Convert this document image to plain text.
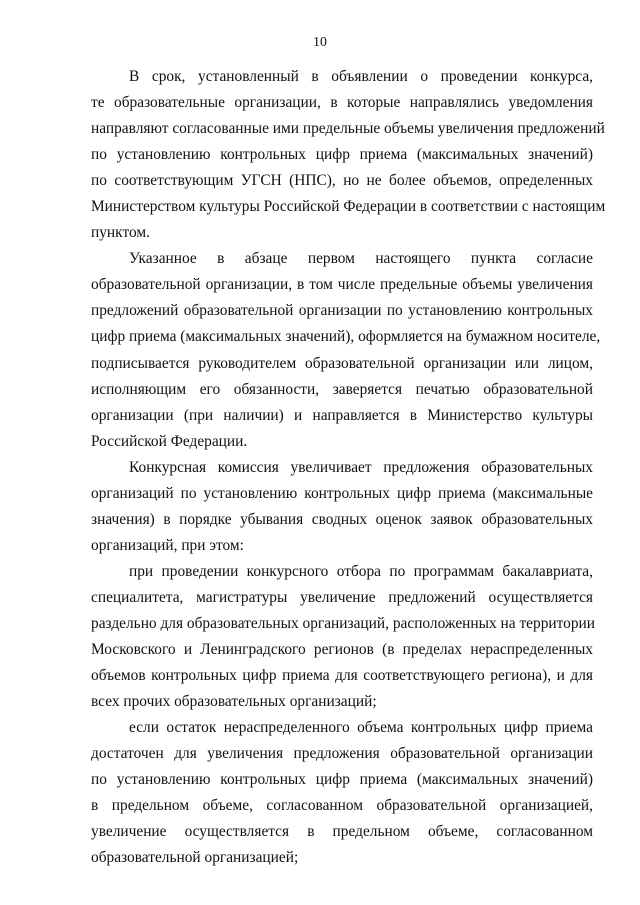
10
В срок, установленный в объявлении о проведении конкурса,
те образовательные организации, в которые направлялись уведомления
направляют согласованные ими предельные объемы увеличения предложений
по установлению контрольных цифр приема (максимальных значений)
по соответствующим УГСН (НПС), но не более объемов, определенных
Министерством культуры Российской Федерации в соответствии с настоящим
пунктом.
Указанное в абзаце первом настоящего пункта согласие
образовательной организации, в том числе предельные объемы увеличения
предложений образовательной организации по установлению контрольных
цифр приема (максимальных значений), оформляется на бумажном носителе,
подписывается руководителем образовательной организации или лицом,
исполняющим его обязанности, заверяется печатью образовательной
организации (при наличии) и направляется в Министерство культуры
Российской Федерации.
Конкурсная комиссия увеличивает предложения образовательных
организаций по установлению контрольных цифр приема (максимальные
значения) в порядке убывания сводных оценок заявок образовательных
организаций, при этом:
при проведении конкурсного отбора по программам бакалавриата,
специалитета, магистратуры увеличение предложений осуществляется
раздельно для образовательных организаций, расположенных на территории
Московского и Ленинградского регионов (в пределах нераспределенных
объемов контрольных цифр приема для соответствующего региона), и для
всех прочих образовательных организаций;
если остаток нераспределенного объема контрольных цифр приема
достаточен для увеличения предложения образовательной организации
по установлению контрольных цифр приема (максимальных значений)
в предельном объеме, согласованном образовательной организацией,
увеличение осуществляется в предельном объеме, согласованном
образовательной организацией;
